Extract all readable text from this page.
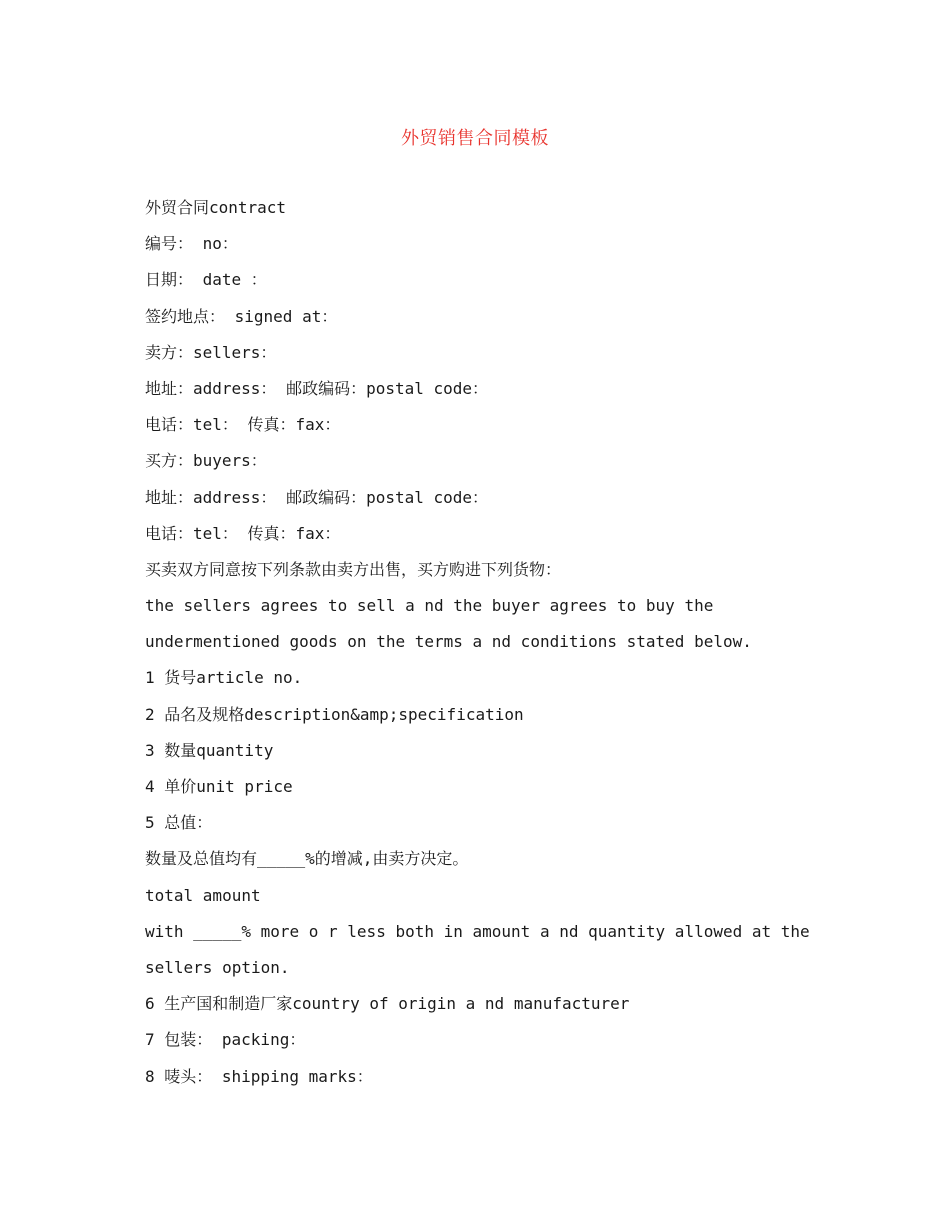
外贸销售合同模板
外贸合同contract
编号： no：
日期： date ：
签约地点： signed at：
卖方：sellers：
地址：address： 邮政编码：postal code：
电话：tel： 传真：fax：
买方：buyers：
地址：address： 邮政编码：postal code：
电话：tel： 传真：fax：
买卖双方同意按下列条款由卖方出售，买方购进下列货物：
the sellers agrees to sell a nd the buyer agrees to buy the
undermentioned goods on the terms a nd conditions stated below.
1 货号article no.
2 品名及规格description&amp;specification
3 数量quantity
4 单价unit price
5 总值：
数量及总值均有_____%的增减,由卖方决定。
total amount
with _____% more o r less both in amount a nd quantity allowed at the
sellers option.
6 生产国和制造厂家country of origin a nd manufacturer
7 包装： packing：
8 唛头： shipping marks：
